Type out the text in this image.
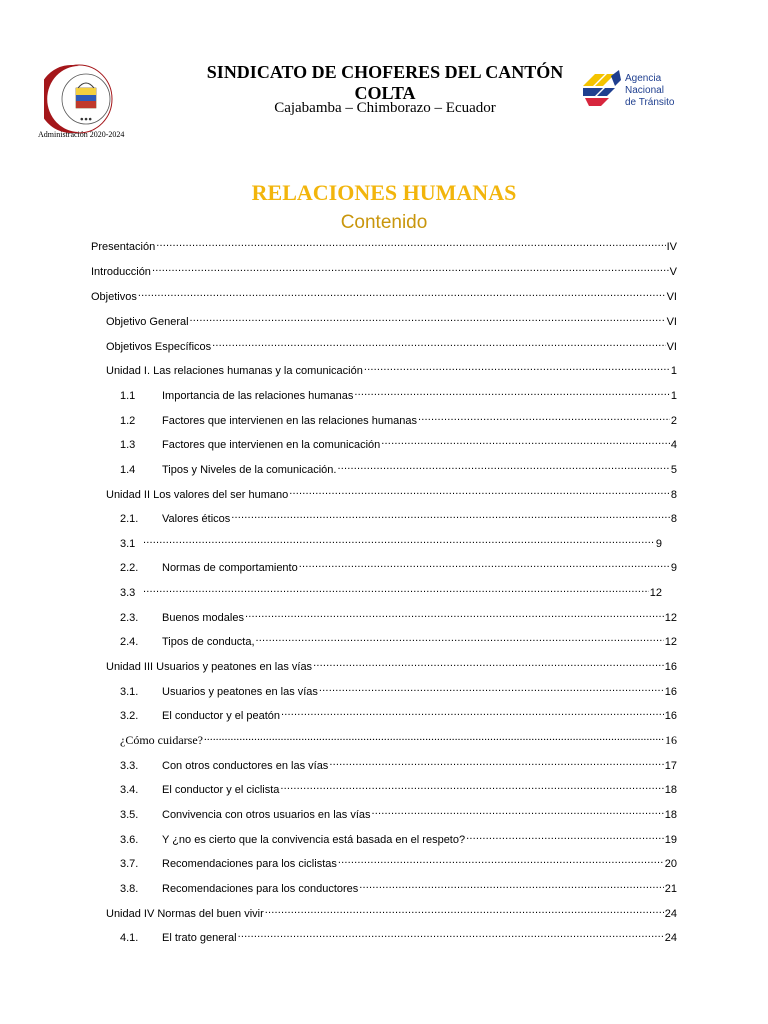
● ● ●
SINDICATO DE CHOFERES DEL CANTÓN
COLTA
Cajabamba – Chimborazo – Ecuador
Agencia
Nacional
de Tránsito
Administración 2020-2024
RELACIONES HUMANAS
Contenido
Presentación .....	IV
Introducción .....	V
Objetivos .....	VI
Objetivo General .....	VI
Objetivos Específicos .....	VI
Unidad I. Las relaciones humanas y la comunicación .....	1
1.1	Importancia de las relaciones humanas .....	1
1.2	Factores que intervienen en las relaciones humanas .....	2
1.3	Factores que intervienen en la comunicación .....	4
1.4	Tipos y Niveles de la comunicación. .....	5
Unidad II Los valores del ser humano .....	8
2.1.	Valores éticos .....	8
3.1 .....	9
2.2.	Normas de comportamiento .....	9
3.3 .....	12
2.3.	Buenos modales .....	12
2.4.	Tipos de conducta, .....	12
Unidad III Usuarios y peatones en las vías .....	16
3.1.	Usuarios y peatones en las vías .....	16
3.2.	El conductor y el peatón .....	16
¿Cómo cuidarse? .....	16
3.3.	Con otros conductores en las vías .....	17
3.4.	El conductor y el ciclista .....	18
3.5.	Convivencia con otros usuarios en las vías .....	18
3.6.	Y ¿no es cierto que la convivencia está basada en el respeto? .....	19
3.7.	Recomendaciones para los ciclistas .....	20
3.8.	Recomendaciones para los conductores .....	21
Unidad IV Normas del buen vivir .....	24
4.1.	El trato general .....	24
